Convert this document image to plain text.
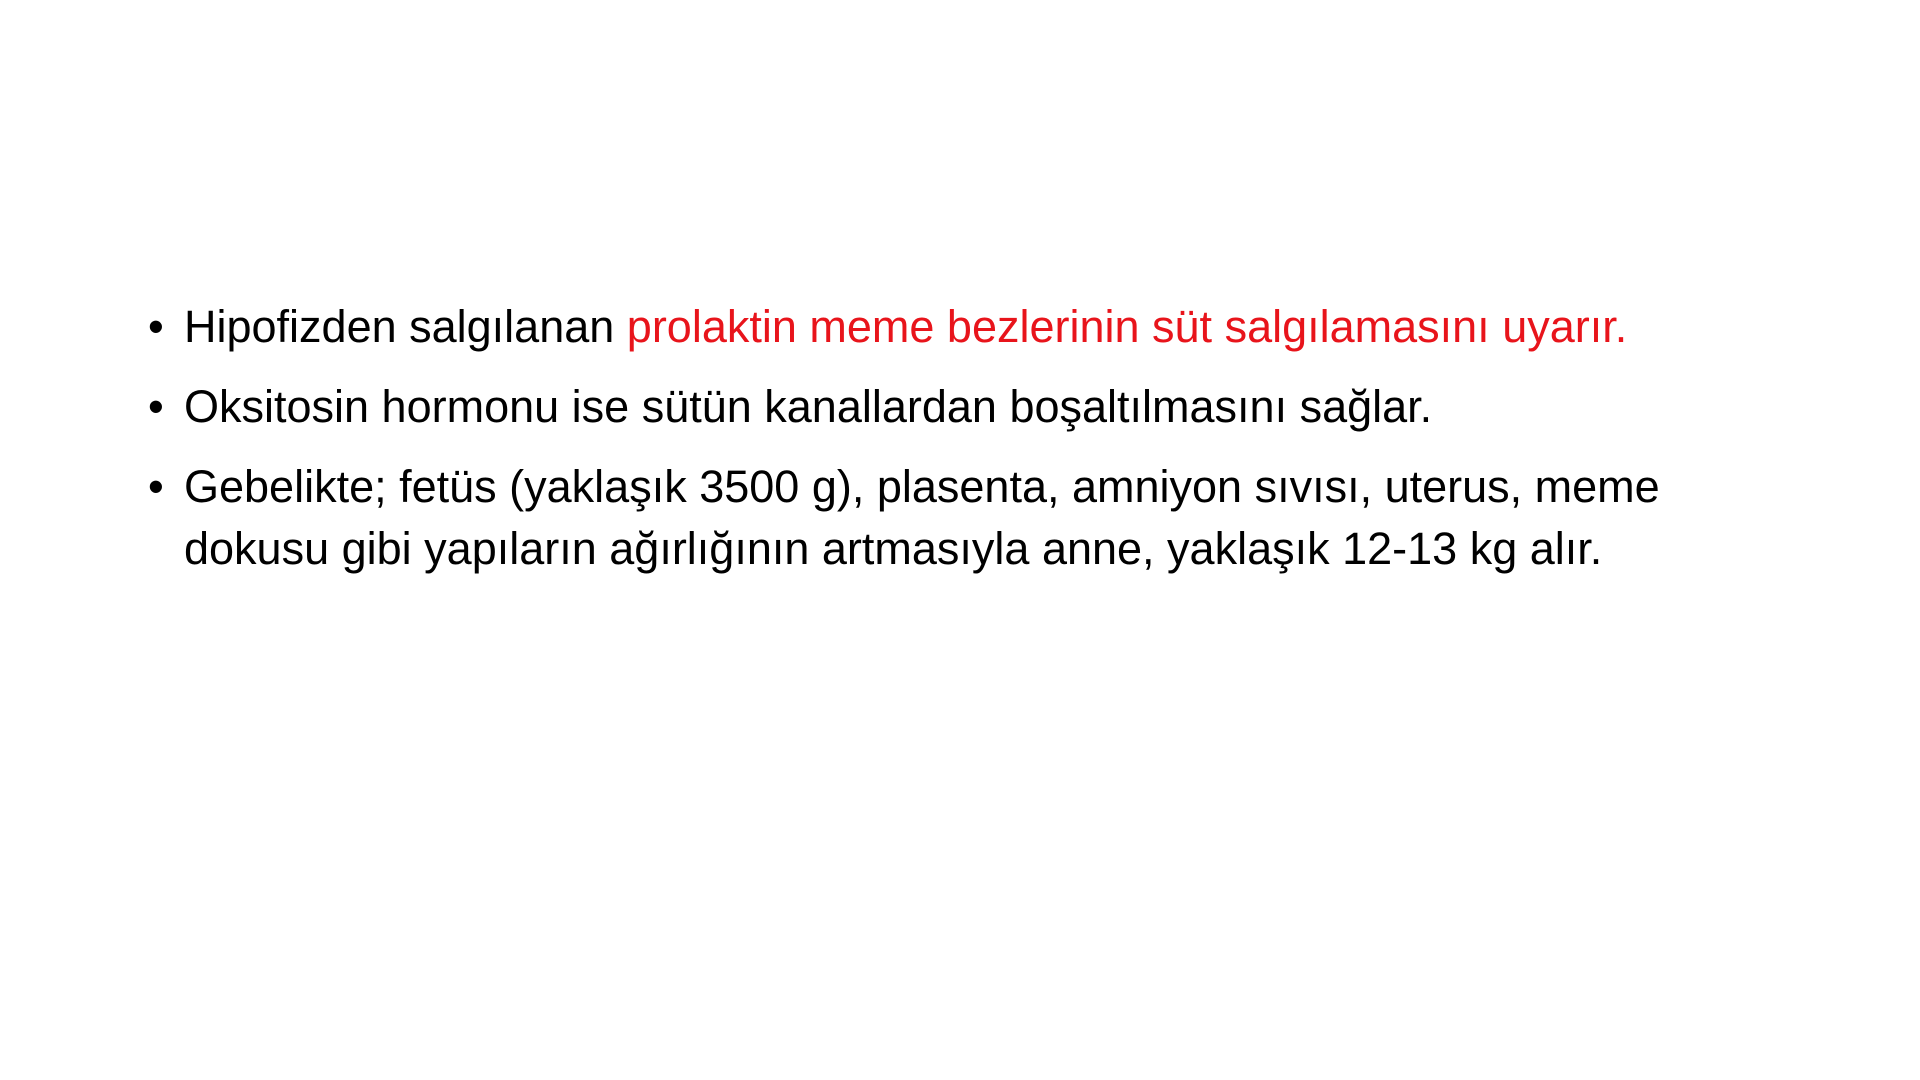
• Hipofizden salgılanan prolaktin meme bezlerinin süt salgılamasını uyarır.
• Oksitosin hormonu ise sütün kanallardan boşaltılmasını sağlar.
• Gebelikte; fetüs (yaklaşık 3500 g), plasenta, amniyon sıvısı, uterus, meme dokusu gibi yapıların ağırlığının artmasıyla anne, yaklaşık 12-13 kg alır.
